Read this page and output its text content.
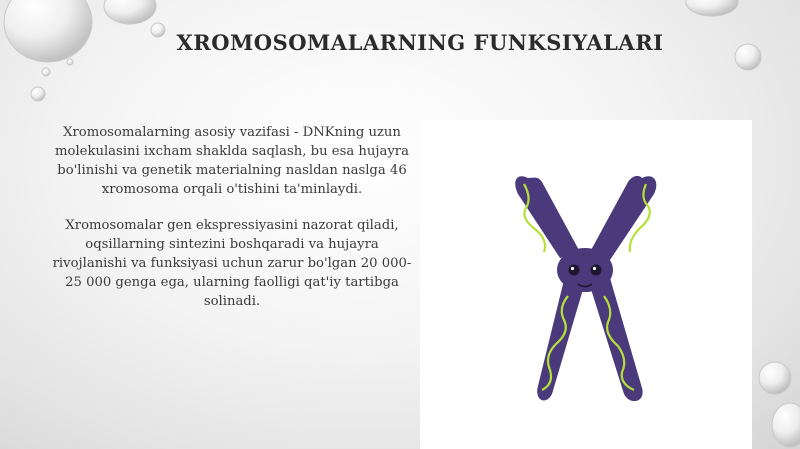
XROMOSOMALARNING FUNKSIYALARI

Xromosomalarning asosiy vazifasi - DNKning uzun molekulasini ixcham shaklda saqlash, bu esa hujayra bo'linishi va genetik materialning nasldan naslga 46 xromosoma orqali o'tishini ta'minlaydi.

Xromosomalar gen ekspressiyasini nazorat qiladi, oqsillarning sintezini boshqaradi va hujayra rivojlanishi va funksiyasi uchun zarur bo'lgan 20 000-25 000 genga ega, ularning faolligi qat'iy tartibga solinadi.
